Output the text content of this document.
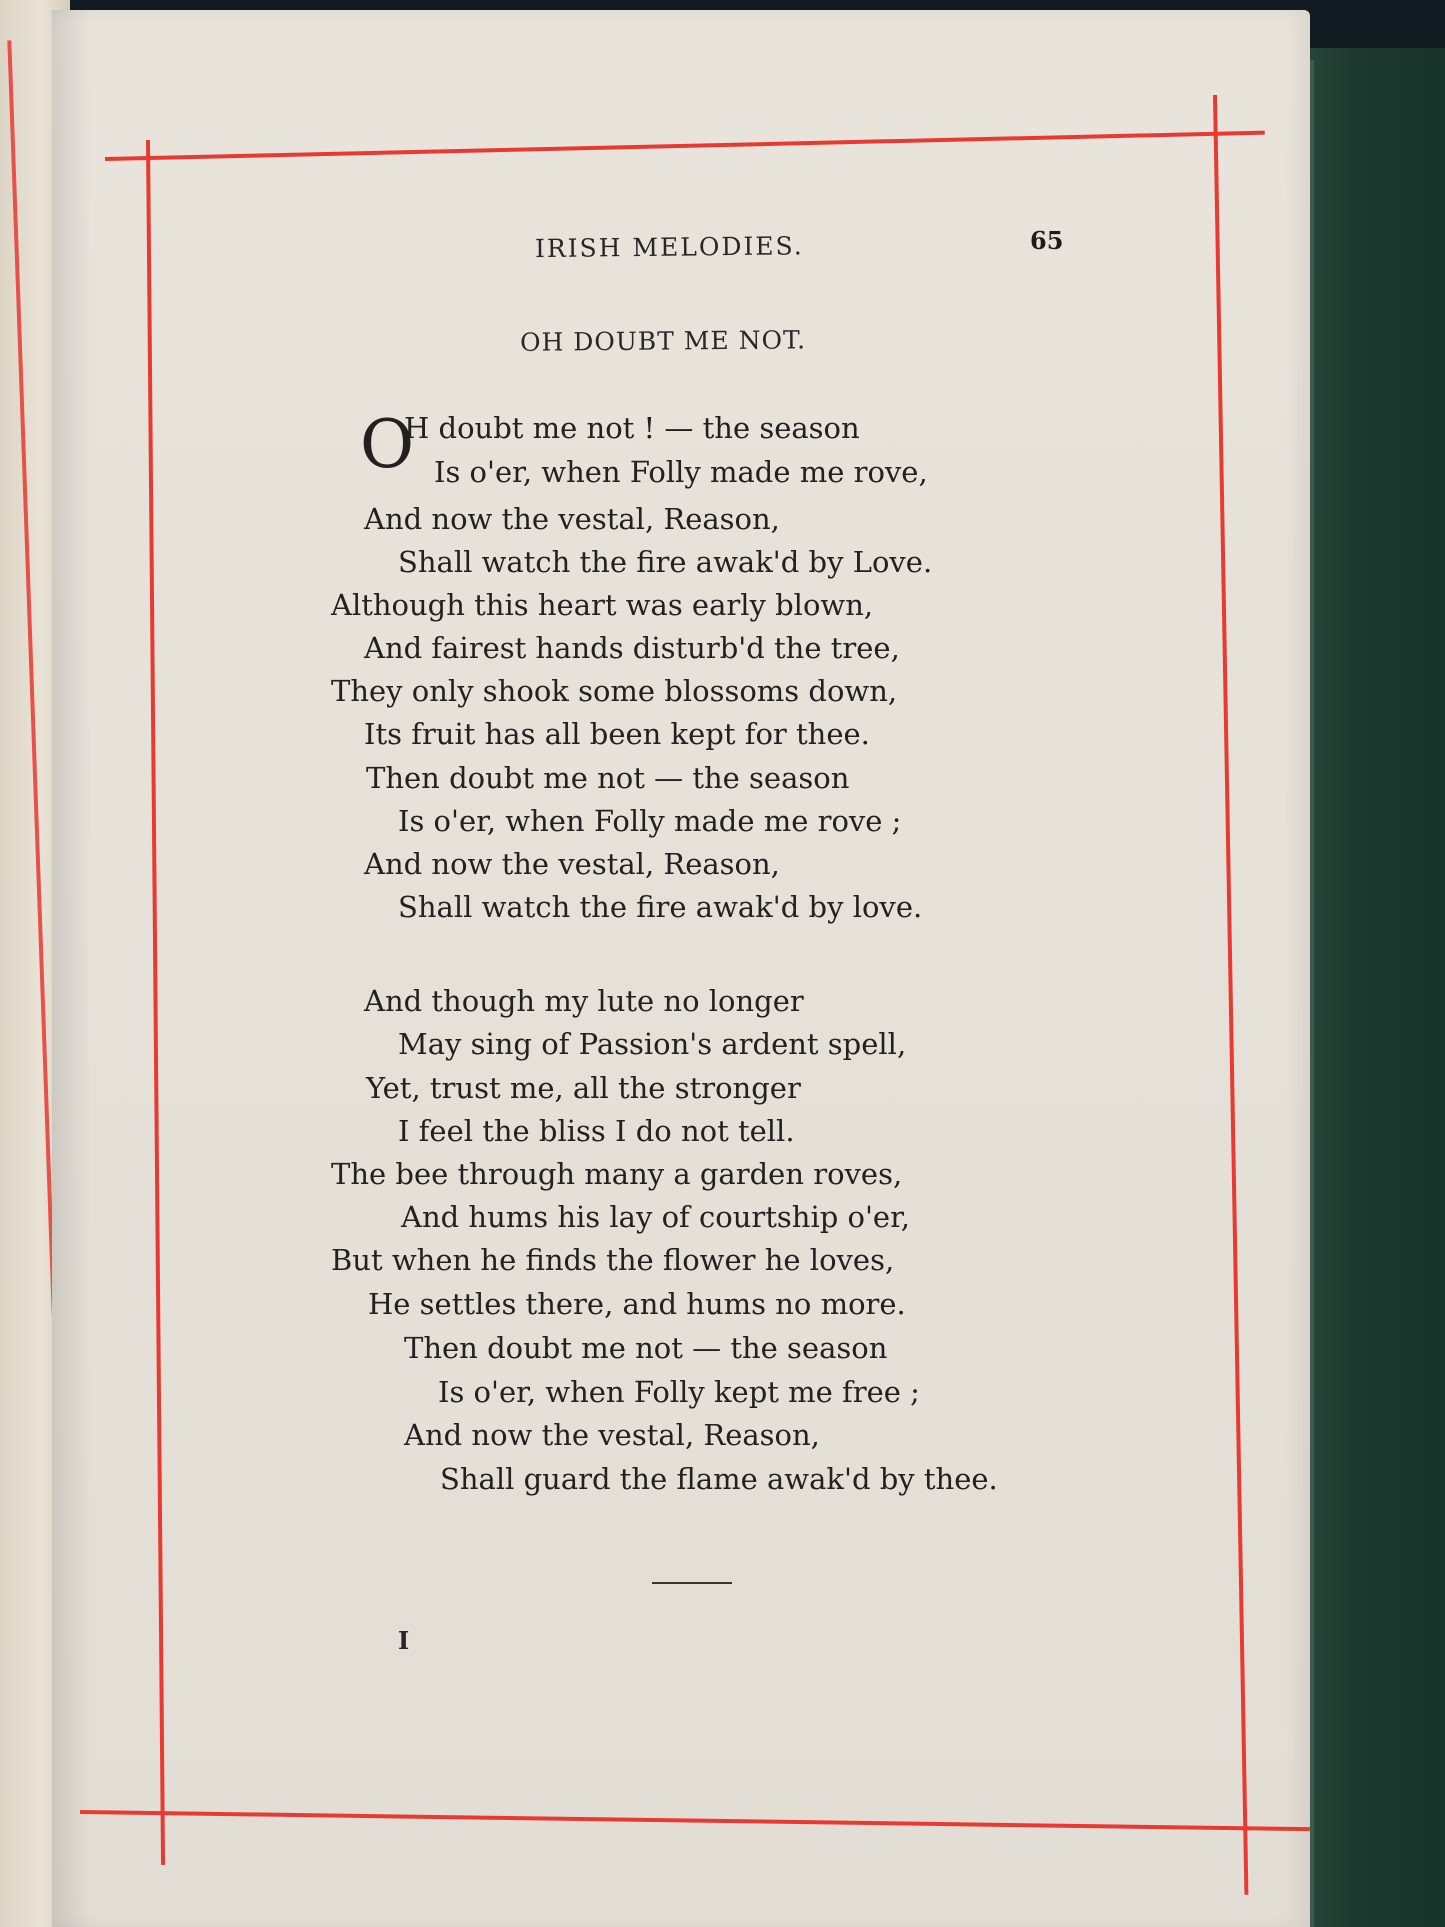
IRISH MELODIES.	65
OH DOUBT ME NOT.
O
H doubt me not ! — the season
Is o'er, when Folly made me rove,
And now the vestal, Reason,
Shall watch the fire awak'd by Love.
Although this heart was early blown,
And fairest hands disturb'd the tree,
They only shook some blossoms down,
Its fruit has all been kept for thee.
Then doubt me not — the season
Is o'er, when Folly made me rove ;
And now the vestal, Reason,
Shall watch the fire awak'd by love.
And though my lute no longer
May sing of Passion's ardent spell,
Yet, trust me, all the stronger
I feel the bliss I do not tell.
The bee through many a garden roves,
And hums his lay of courtship o'er,
But when he finds the flower he loves,
He settles there, and hums no more.
Then doubt me not — the season
Is o'er, when Folly kept me free ;
And now the vestal, Reason,
Shall guard the flame awak'd by thee.
I
